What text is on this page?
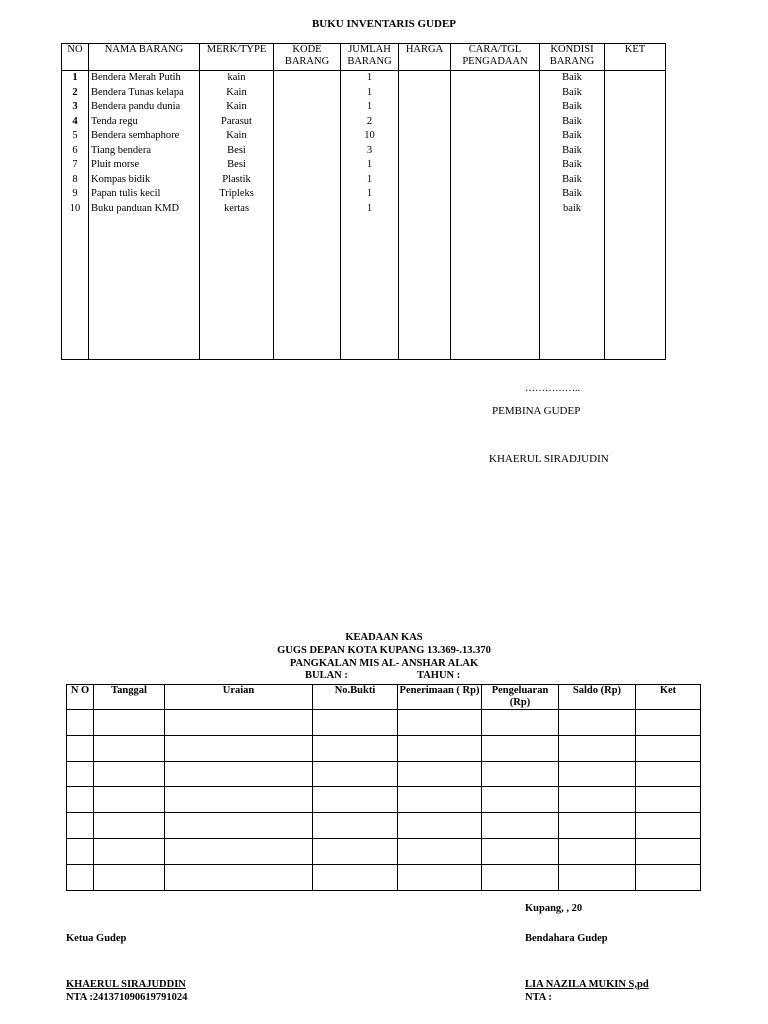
BUKU INVENTARIS GUDEP
NO	NAMA BARANG	MERK/TYPE	KODE BARANG	JUMLAH BARANG	HARGA	CARA/TGL PENGADAAN	KONDISI BARANG	KET
1	Bendera Merah Putih	kain		1			Baik	
2	Bendera Tunas kelapa	Kain		1			Baik	
3	Bendera pandu dunia	Kain		1			Baik	
4	Tenda regu	Parasut		2			Baik	
5	Bendera semhaphore	Kain		10			Baik	
6	Tiang bendera	Besi		3			Baik	
7	Pluit morse	Besi		1			Baik	
8	Kompas bidik	Plastik		1			Baik	
9	Papan tulis kecil	Tripleks		1			Baik	
10	Buku panduan KMD	kertas		1			baik	

……………..
PEMBINA GUDEP
KHAERUL SIRADJUDIN
KEADAAN KAS
GUGS DEPAN KOTA KUPANG 13.369-.13.370
PANGKALAN MIS AL- ANSHAR ALAK
BULAN :	TAHUN :
N O	Tanggal	Uraian	No.Bukti	Penerimaan ( Rp)	Pengeluaran (Rp)	Saldo (Rp)	Ket

Kupang, , 20
Ketua Gudep	Bendahara Gudep
KHAERUL SIRAJUDDIN
NTA :241371090619791024
LIA NAZILA MUKIN S,pd
NTA :
